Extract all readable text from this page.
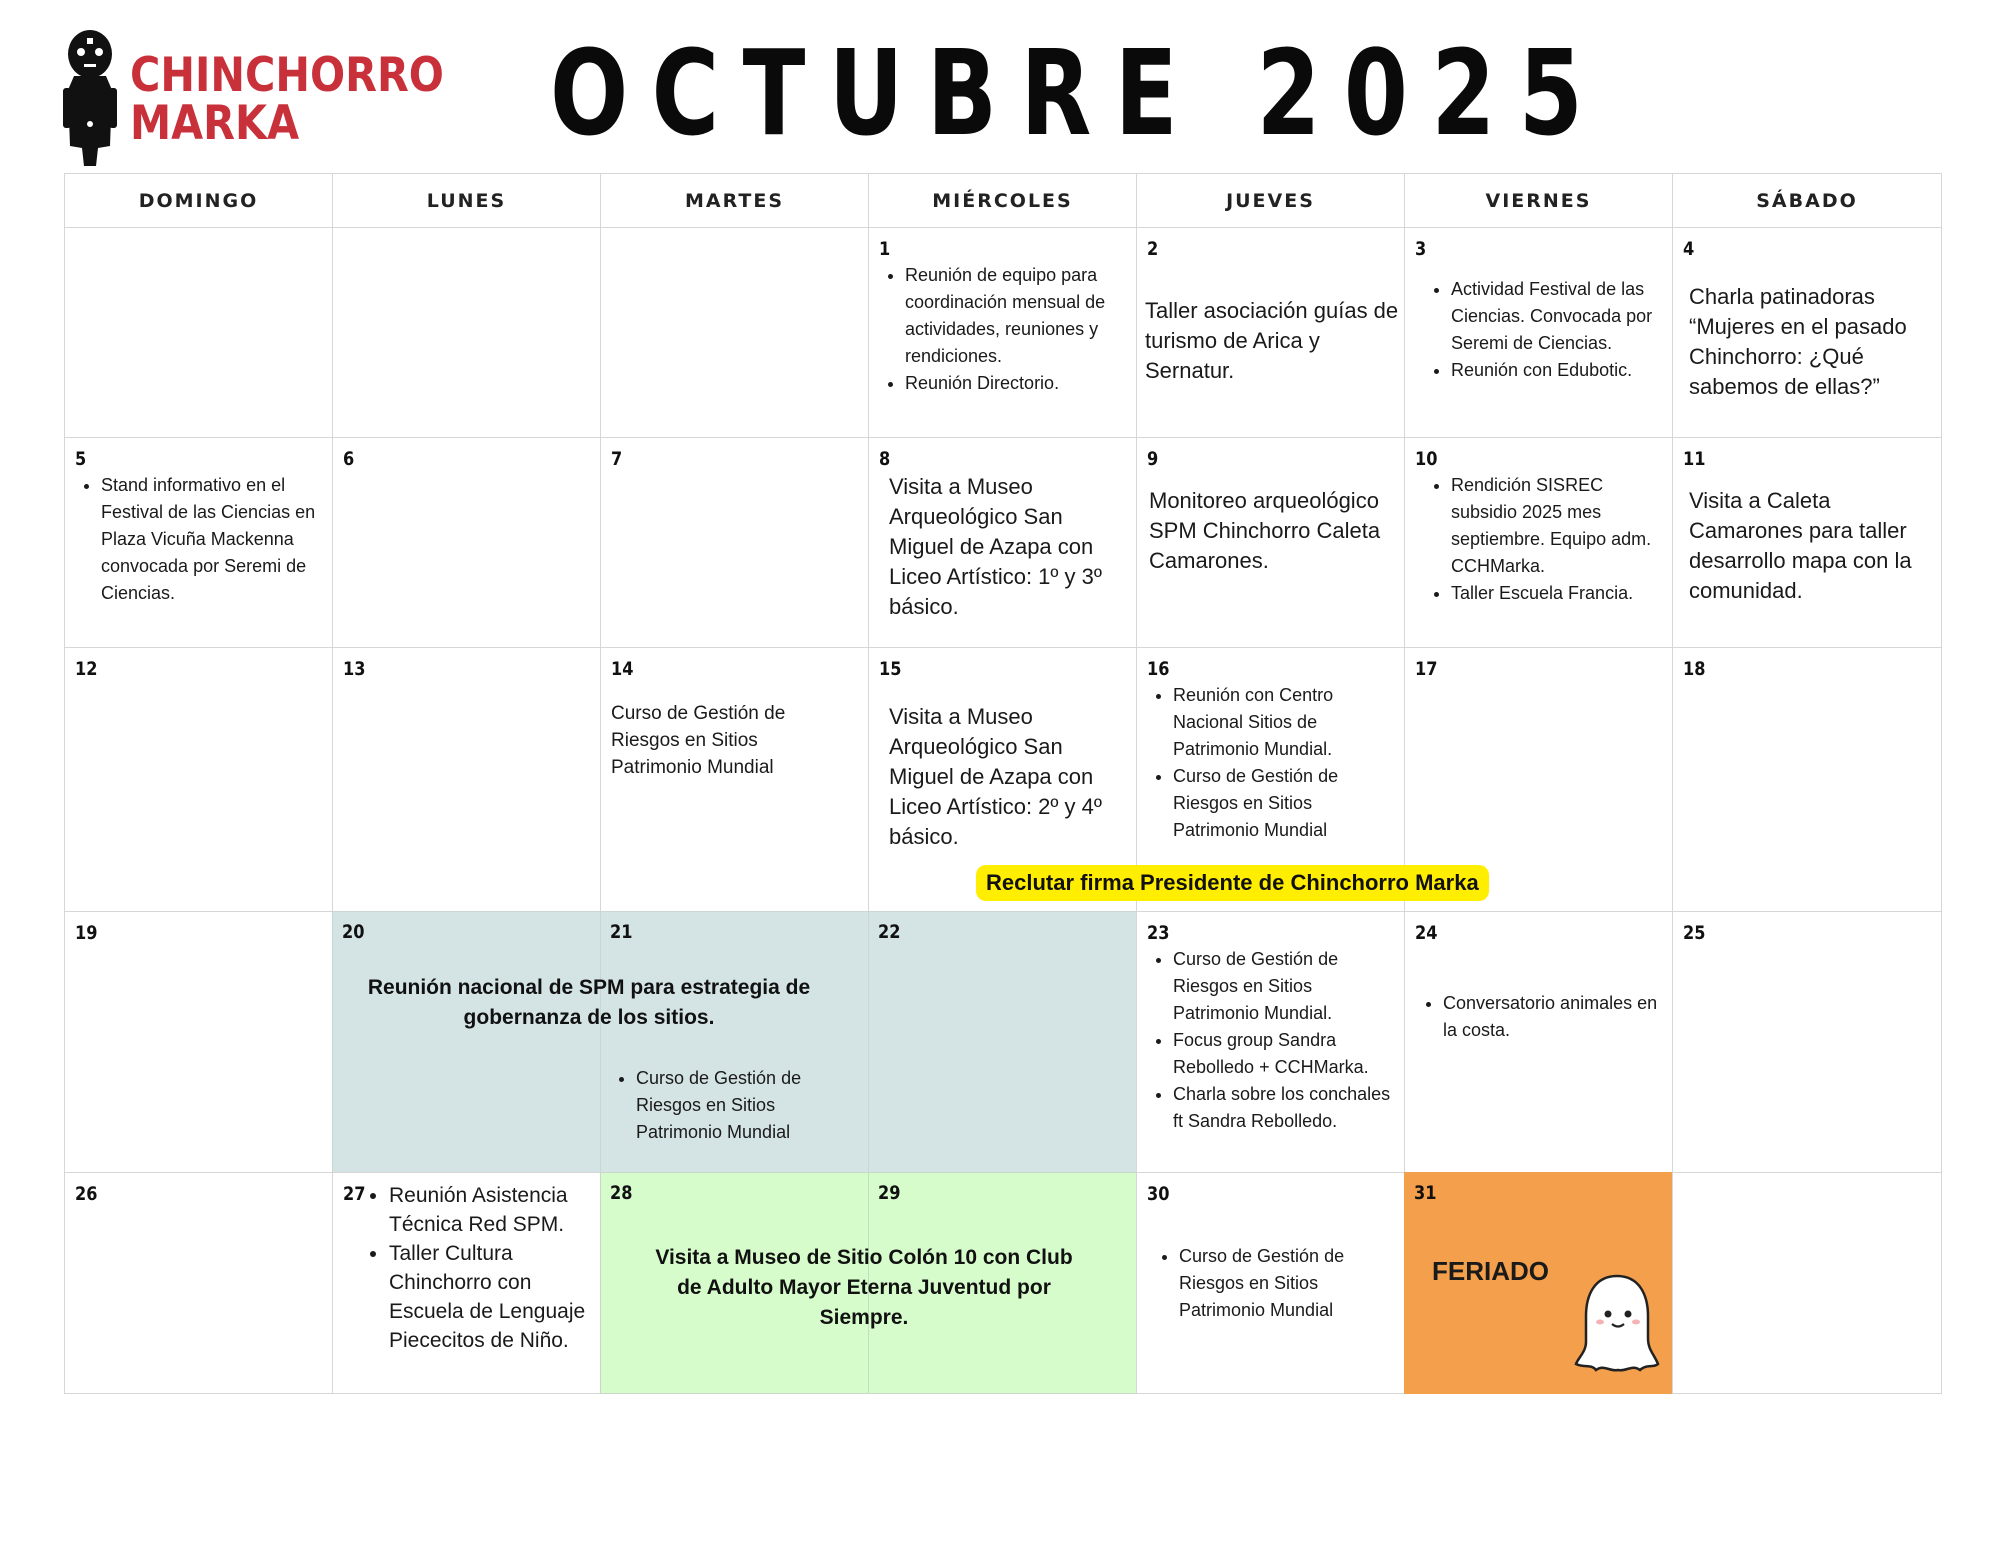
CHINCHORRO
MARKA	OCTUBRE 2025
DOMINGO	LUNES	MARTES	MIÉRCOLES	JUEVES	VIERNES	SÁBADO
1
• Reunión de equipo para coordinación mensual de actividades, reuniones y rendiciones.
• Reunión Directorio.
2
Taller asociación guías de turismo de Arica y Sernatur.
3
• Actividad Festival de las Ciencias. Convocada por Seremi de Ciencias.
• Reunión con Edubotic.
4
Charla patinadoras “Mujeres en el pasado Chinchorro: ¿Qué sabemos de ellas?”
5
• Stand informativo en el Festival de las Ciencias en Plaza Vicuña Mackenna convocada por Seremi de Ciencias.
6	7	8
Visita a Museo Arqueológico San Miguel de Azapa con Liceo Artístico: 1º y 3º básico.
9
Monitoreo arqueológico SPM Chinchorro Caleta Camarones.
10
• Rendición SISREC subsidio 2025 mes septiembre. Equipo adm. CCHMarka.
• Taller Escuela Francia.
11
Visita a Caleta Camarones para taller desarrollo mapa con la comunidad.
12	13	14
Curso de Gestión de Riesgos en Sitios Patrimonio Mundial
15
Visita a Museo Arqueológico San Miguel de Azapa con Liceo Artístico: 2º y 4º básico.
16
• Reunión con Centro Nacional Sitios de Patrimonio Mundial.
• Curso de Gestión de Riesgos en Sitios Patrimonio Mundial
17	18
19	20	21	22
Reunión nacional de SPM para estrategia de gobernanza de los sitios.
• Curso de Gestión de Riesgos en Sitios Patrimonio Mundial
23
• Curso de Gestión de Riesgos en Sitios Patrimonio Mundial.
• Focus group Sandra Rebolledo + CCHMarka.
• Charla sobre los conchales ft Sandra Rebolledo.
24
• Conversatorio animales en la costa.
25
26	27
• Reunión Asistencia Técnica Red SPM.
• Taller Cultura Chinchorro con Escuela de Lenguaje Piececitos de Niño.
28	29
Visita a Museo de Sitio Colón 10 con Club de Adulto Mayor Eterna Juventud por Siempre.
30
• Curso de Gestión de Riesgos en Sitios Patrimonio Mundial
31
FERIADO
Reclutar firma Presidente de Chinchorro Marka
